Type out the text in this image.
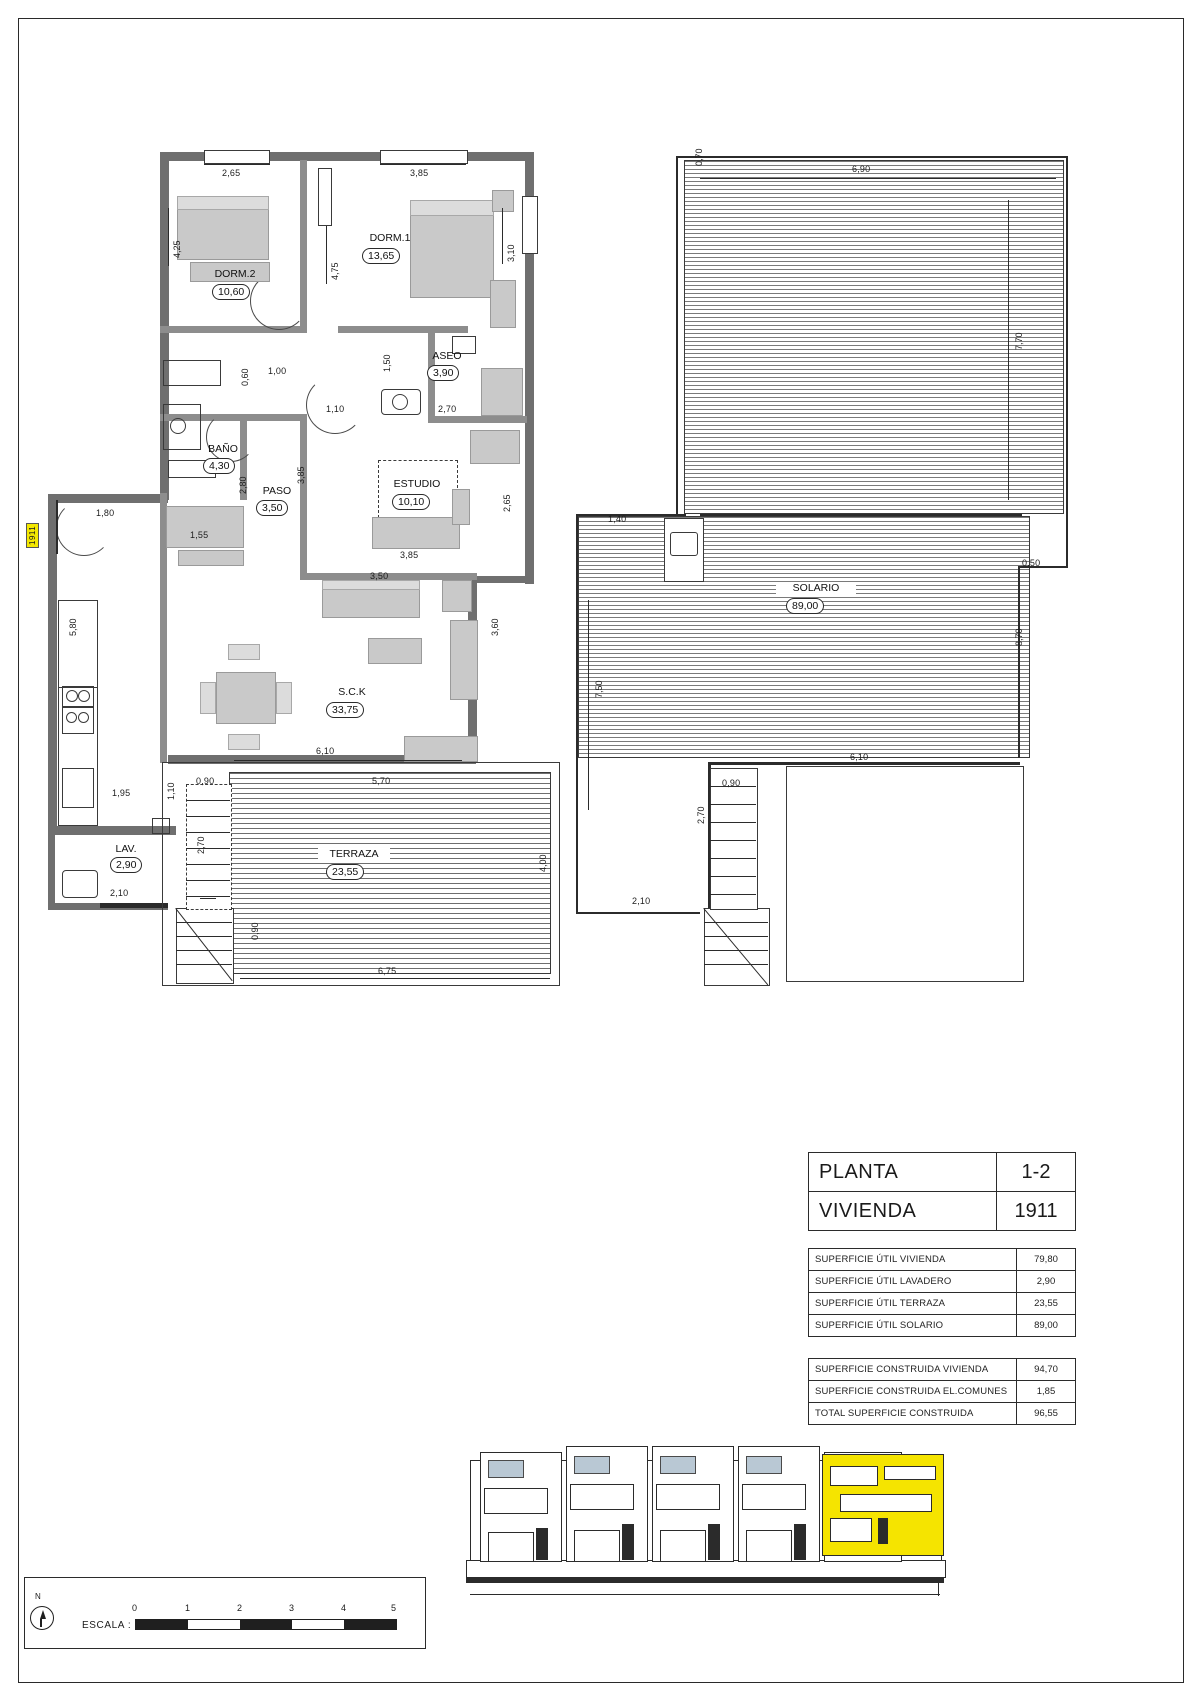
DORM.2
10,60
DORM.1
13,65
ASEO
3,90
BAÑO
4,30
PASO
3,50
ESTUDIO
10,10
S.C.K
33,75
LAV.
2,90
TERRAZA
23,55
1911
2,65	3,85
4,25
4,75
3,10
0,60 1,00	1,50
1,10	2,70
2,80
3,85
2,65
1,80
1,55
3,85
3,50
3,60
5,80
1,95
6,10
5,70
0,90
1,10
2,70
4,00
2,10
0,90
6,75
SOLARIO
89,00
0,70
6,90
7,70
1,40
0,50
8,70
7,50
6,10
0,90
2,70
2,10
PLANTA	1-2
VIVIENDA	1911
SUPERFICIE ÚTIL VIVIENDA	79,80
SUPERFICIE ÚTIL LAVADERO	2,90
SUPERFICIE ÚTIL TERRAZA	23,55
SUPERFICIE ÚTIL SOLARIO	89,00
SUPERFICIE CONSTRUIDA VIVIENDA	94,70
SUPERFICIE CONSTRUIDA EL.COMUNES	1,85
TOTAL SUPERFICIE CONSTRUIDA	96,55
N
ESCALA :
0	1	2	3	4	5
